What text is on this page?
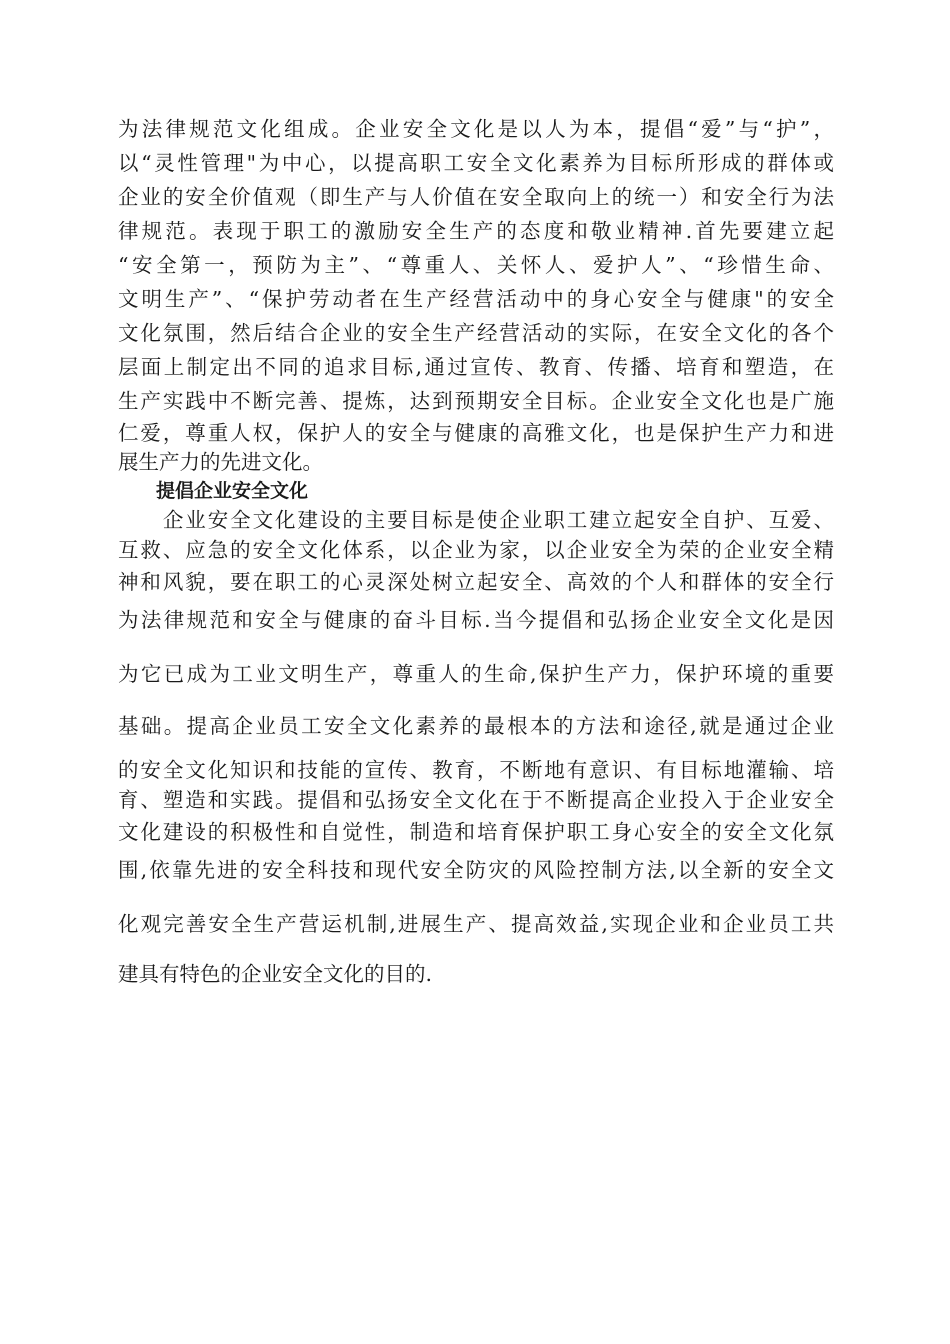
为法律规范文化组成。企业安全文化是以人为本，提倡“爱”与“护”，
以“灵性管理"为中心，以提高职工安全文化素养为目标所形成的群体或
企业的安全价值观（即生产与人价值在安全取向上的统一）和安全行为法
律规范。表现于职工的激励安全生产的态度和敬业精神.首先要建立起
“安全第一，预防为主”、“尊重人、关怀人、爱护人”、“珍惜生命、
文明生产”、“保护劳动者在生产经营活动中的身心安全与健康"的安全
文化氛围，然后结合企业的安全生产经营活动的实际，在安全文化的各个
层面上制定出不同的追求目标,通过宣传、教育、传播、培育和塑造，在
生产实践中不断完善、提炼，达到预期安全目标。企业安全文化也是广施
仁爱，尊重人权，保护人的安全与健康的高雅文化，也是保护生产力和进
展生产力的先进文化。
提倡企业安全文化
　　企业安全文化建设的主要目标是使企业职工建立起安全自护、互爱、
互救、应急的安全文化体系，以企业为家，以企业安全为荣的企业安全精
神和风貌，要在职工的心灵深处树立起安全、高效的个人和群体的安全行
为法律规范和安全与健康的奋斗目标.当今提倡和弘扬企业安全文化是因
为它已成为工业文明生产，尊重人的生命,保护生产力，保护环境的重要
基础。提高企业员工安全文化素养的最根本的方法和途径,就是通过企业
的安全文化知识和技能的宣传、教育，不断地有意识、有目标地灌输、培
育、塑造和实践。提倡和弘扬安全文化在于不断提高企业投入于企业安全
文化建设的积极性和自觉性，制造和培育保护职工身心安全的安全文化氛
围,依靠先进的安全科技和现代安全防灾的风险控制方法,以全新的安全文
化观完善安全生产营运机制,进展生产、提高效益,实现企业和企业员工共
建具有特色的企业安全文化的目的.
